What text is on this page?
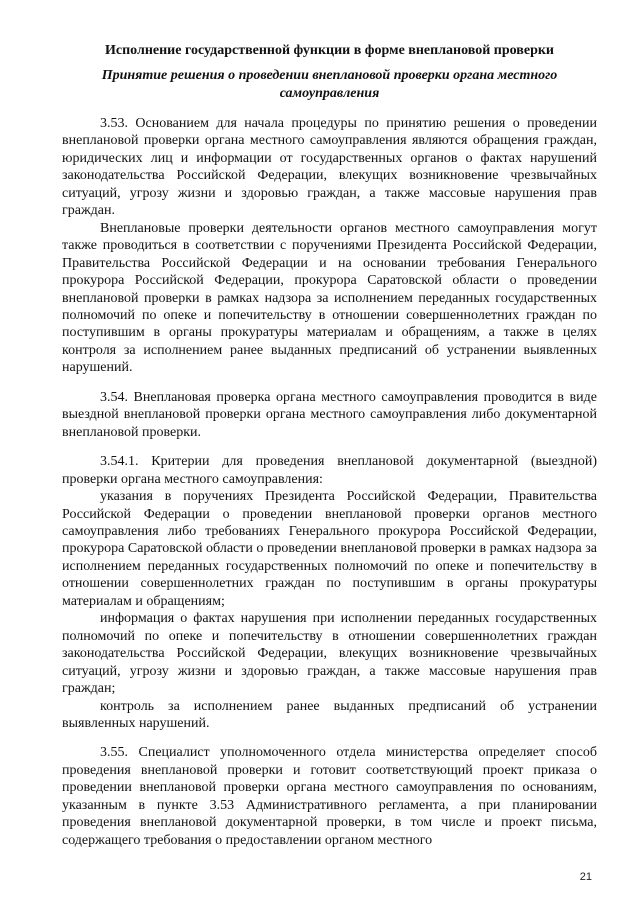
Исполнение государственной функции в форме внеплановой проверки
Принятие решения о проведении внеплановой проверки органа местного самоуправления

3.53. Основанием для начала процедуры по принятию решения о проведении внеплановой проверки органа местного самоуправления являются обращения граждан, юридических лиц и информации от государственных органов о фактах нарушений законодательства Российской Федерации, влекущих возникновение чрезвычайных ситуаций, угрозу жизни и здоровью граждан, а также массовые нарушения прав граждан.

Внеплановые проверки деятельности органов местного самоуправления могут также проводиться в соответствии с поручениями Президента Российской Федерации, Правительства Российской Федерации и на основании требования Генерального прокурора Российской Федерации, прокурора Саратовской области о проведении внеплановой проверки в рамках надзора за исполнением переданных государственных полномочий по опеке и попечительству в отношении совершеннолетних граждан по поступившим в органы прокуратуры материалам и обращениям, а также в целях контроля за исполнением ранее выданных предписаний об устранении выявленных нарушений.

3.54. Внеплановая проверка органа местного самоуправления проводится в виде выездной внеплановой проверки органа местного самоуправления либо документарной внеплановой проверки.

3.54.1. Критерии для проведения внеплановой документарной (выездной) проверки органа местного самоуправления:

указания в поручениях Президента Российской Федерации, Правительства Российской Федерации о проведении внеплановой проверки органов местного самоуправления либо требованиях Генерального прокурора Российской Федерации, прокурора Саратовской области о проведении внеплановой проверки в рамках надзора за исполнением переданных государственных полномочий по опеке и попечительству в отношении совершеннолетних граждан по поступившим в органы прокуратуры материалам и обращениям;

информация о фактах нарушения при исполнении переданных государственных полномочий по опеке и попечительству в отношении совершеннолетних граждан законодательства Российской Федерации, влекущих возникновение чрезвычайных ситуаций, угрозу жизни и здоровью граждан, а также массовые нарушения прав граждан;

контроль за исполнением ранее выданных предписаний об устранении выявленных нарушений.

3.55. Специалист уполномоченного отдела министерства определяет способ проведения внеплановой проверки и готовит соответствующий проект приказа о проведении внеплановой проверки органа местного самоуправления по основаниям, указанным в пункте 3.53 Административного регламента, а при планировании проведения внеплановой документарной проверки, в том числе и проект письма, содержащего требования о предоставлении органом местного

21
